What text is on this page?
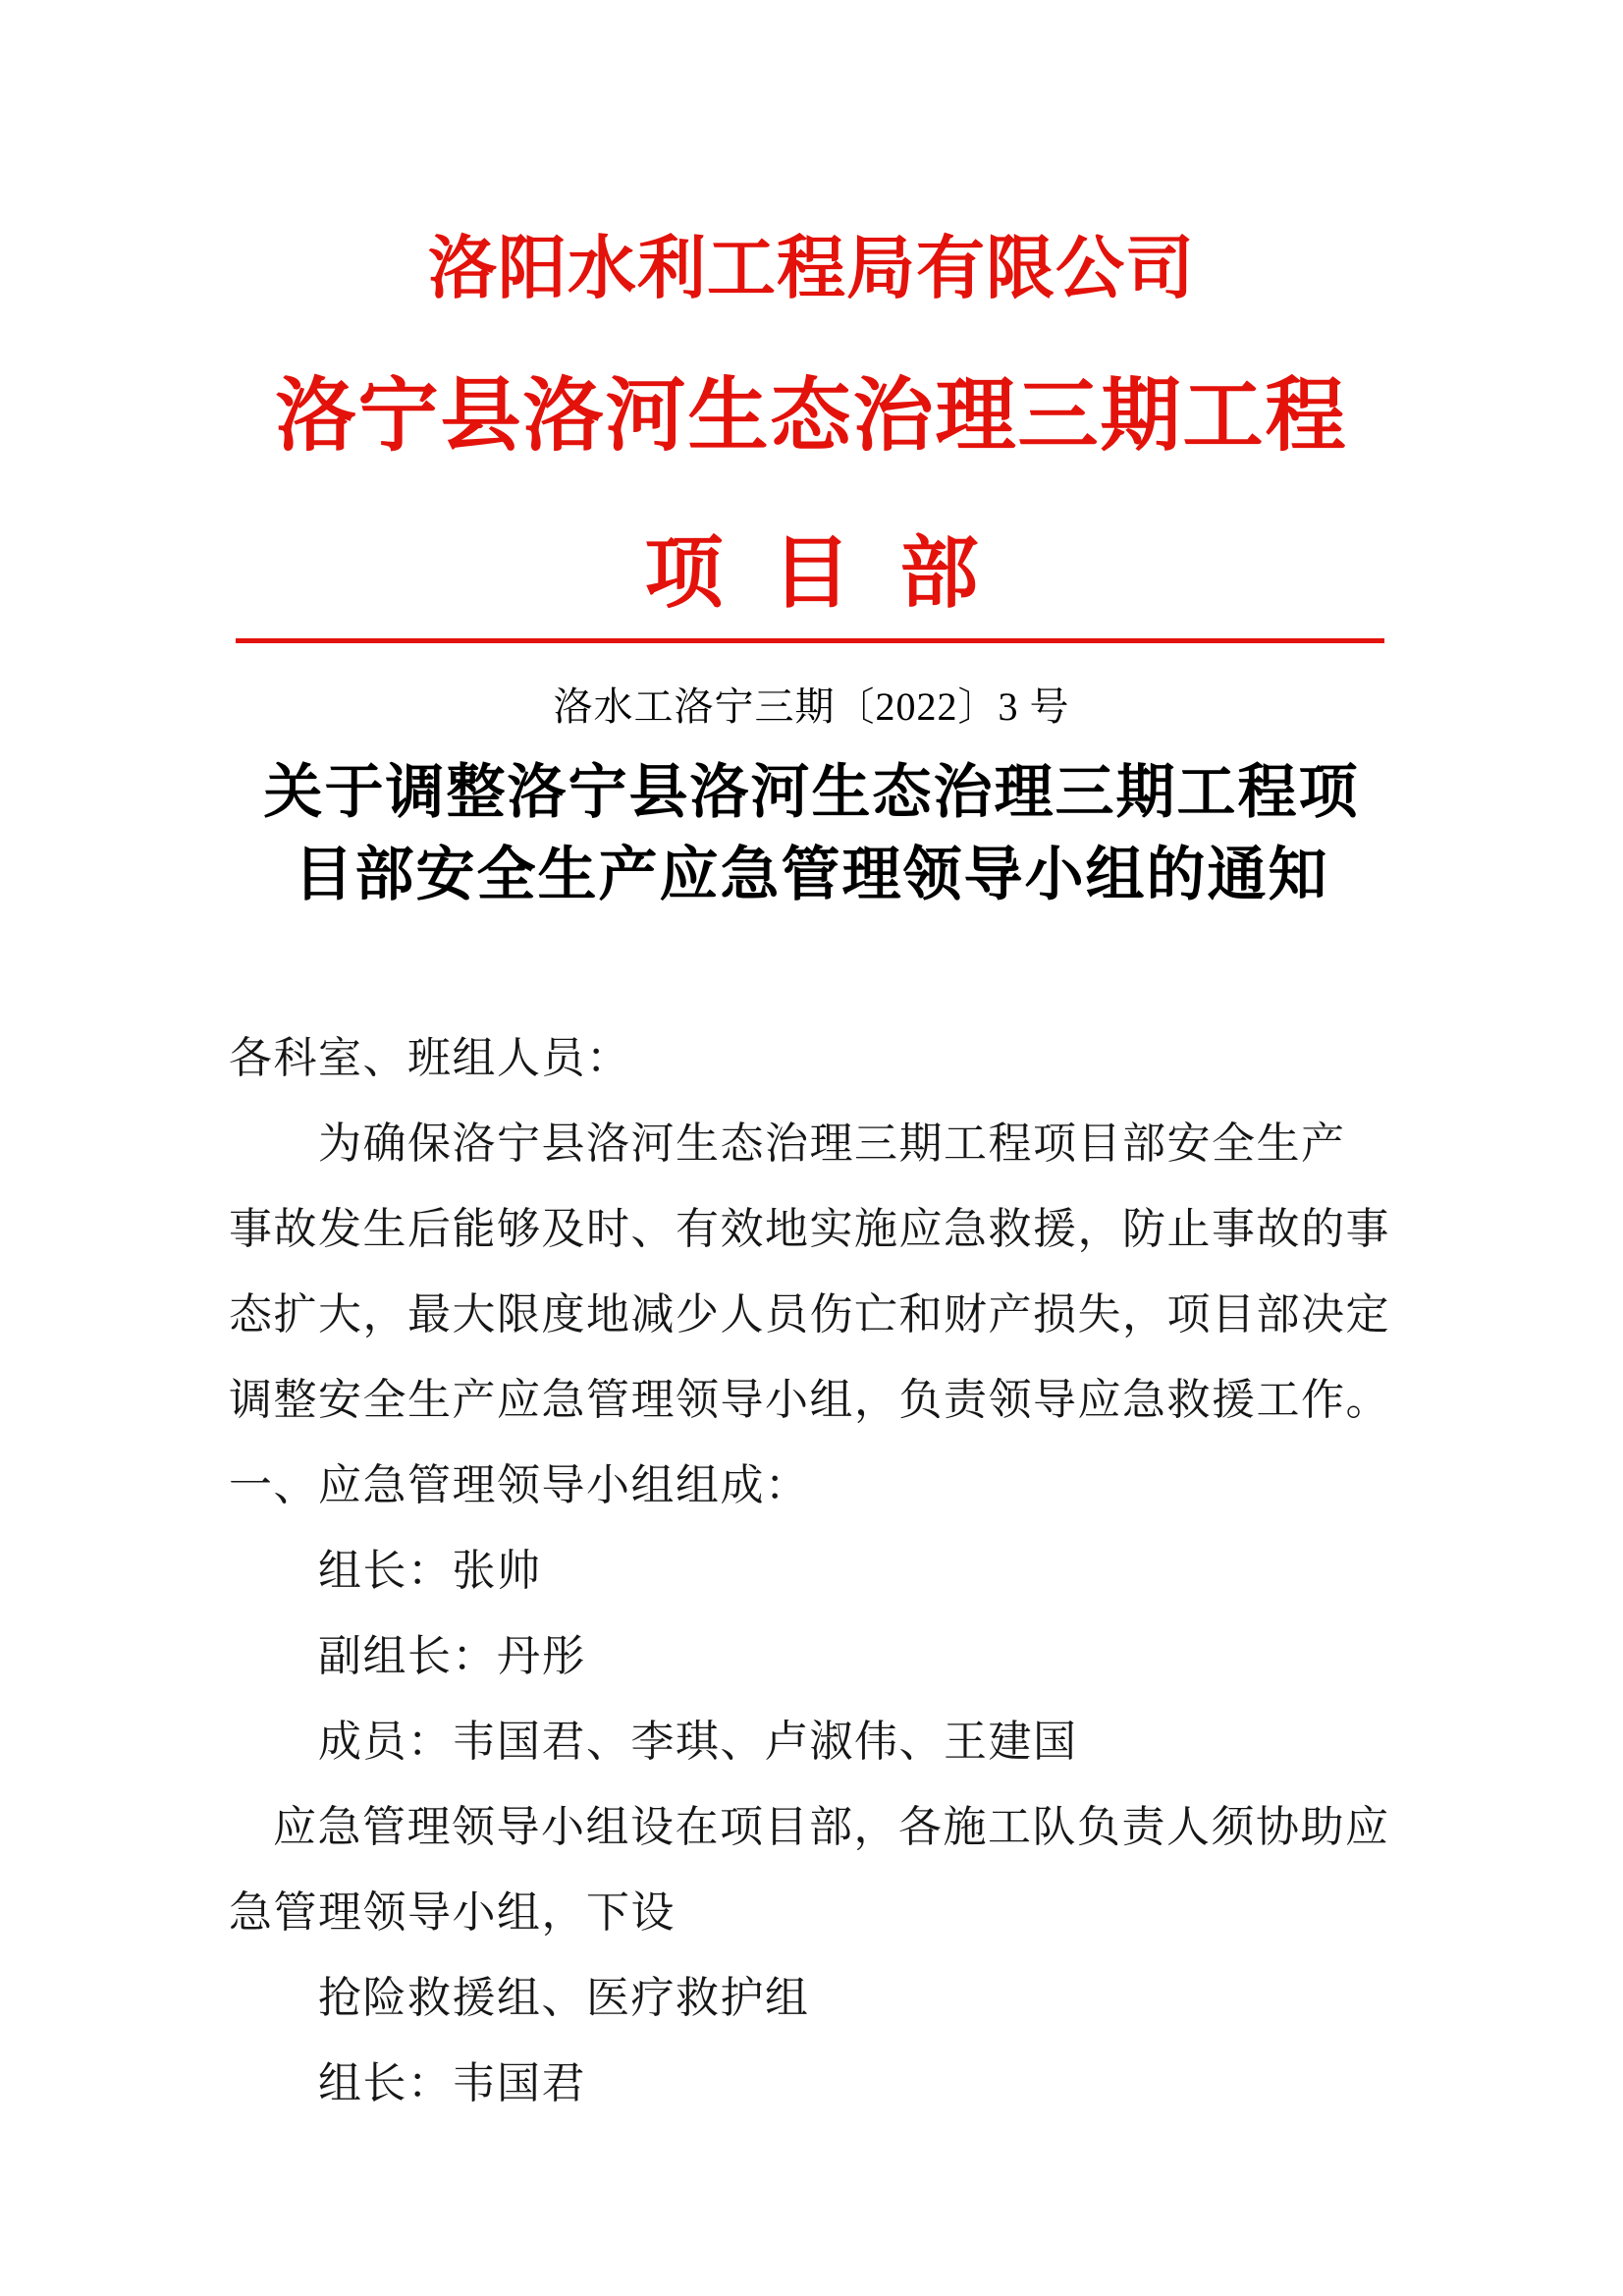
洛阳水利工程局有限公司
洛宁县洛河生态治理三期工程
项 目 部
洛水工洛宁三期〔2022〕3 号
关于调整洛宁县洛河生态治理三期工程项
目部安全生产应急管理领导小组的通知
各科室、班组人员：
为确保洛宁县洛河生态治理三期工程项目部安全生产
事故发生后能够及时、有效地实施应急救援，防止事故的事
态扩大，最大限度地减少人员伤亡和财产损失，项目部决定
调整安全生产应急管理领导小组，负责领导应急救援工作。
一、应急管理领导小组组成：
组长：张帅
副组长：丹彤
成员：韦国君、李琪、卢淑伟、王建国
应急管理领导小组设在项目部，各施工队负责人须协助应
急管理领导小组，下设
抢险救援组、医疗救护组
组长：韦国君
